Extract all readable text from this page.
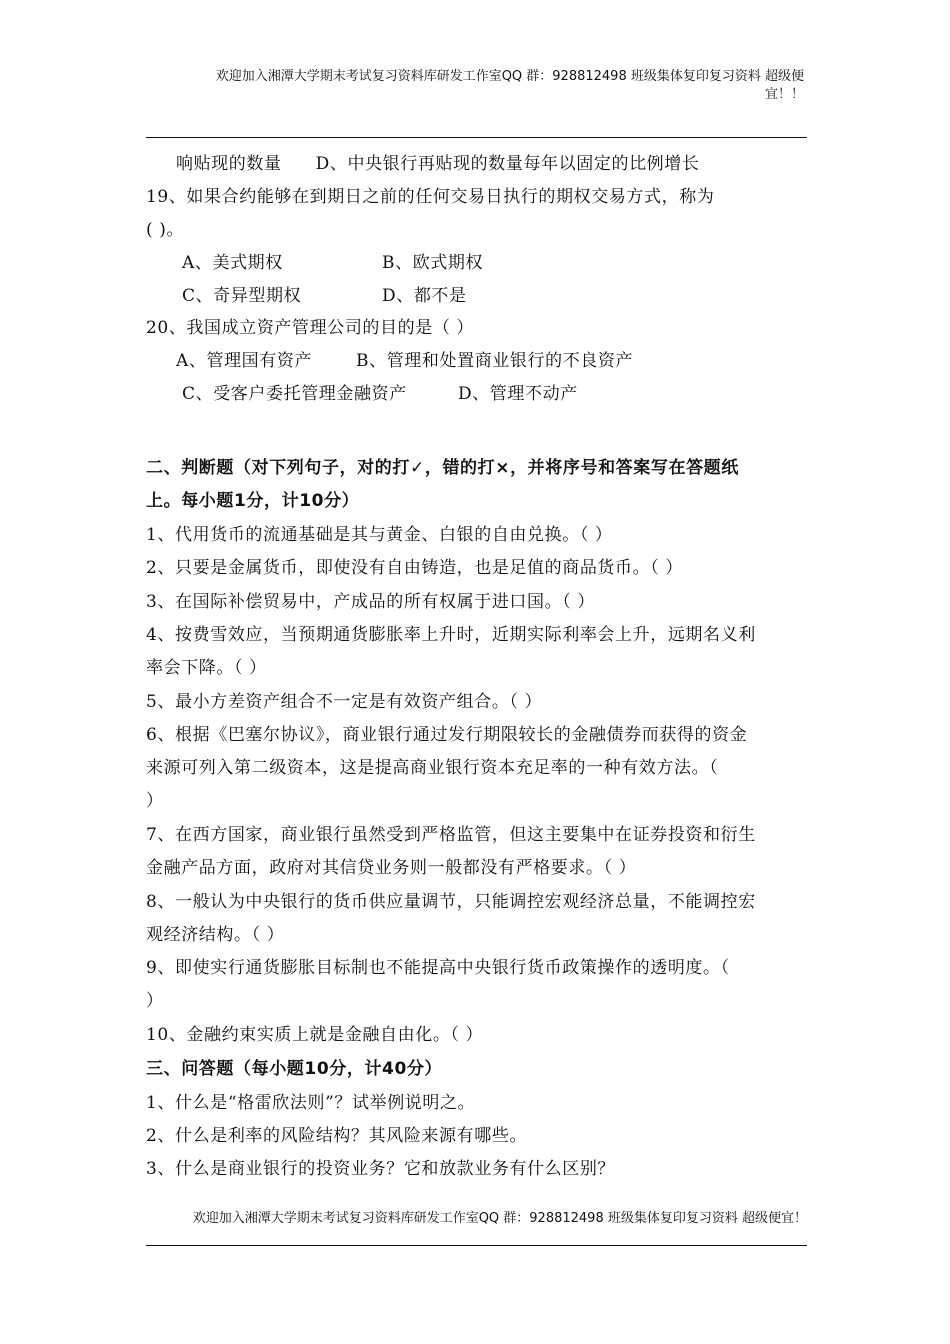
欢迎加入湘潭大学期末考试复习资料库研发工作室QQ 群：928812498 班级集体复印复习资料 超级便
宜！！
响贴现的数量 D、中央银行再贴现的数量每年以固定的比例增长
19、如果合约能够在到期日之前的任何交易日执行的期权交易方式，称为
( )。
A、美式期权	B、欧式期权
C、奇异型期权	D、都不是
20、我国成立资产管理公司的目的是（ ）
A、管理国有资产	B、管理和处置商业银行的不良资产
C、受客户委托管理金融资产	D、管理不动产
二、判断题（对下列句子，对的打✓，错的打×，并将序号和答案写在答题纸
上。每小题1分，计10分）
1、代用货币的流通基础是其与黄金、白银的自由兑换。（ ）
2、只要是金属货币，即使没有自由铸造，也是足值的商品货币。（ ）
3、在国际补偿贸易中，产成品的所有权属于进口国。（ ）
4、按费雪效应，当预期通货膨胀率上升时，近期实际利率会上升，远期名义利
率会下降。（ ）
5、最小方差资产组合不一定是有效资产组合。（ ）
6、根据《巴塞尔协议》，商业银行通过发行期限较长的金融债券而获得的资金
来源可列入第二级资本，这是提高商业银行资本充足率的一种有效方法。（
）
7、在西方国家，商业银行虽然受到严格监管，但这主要集中在证券投资和衍生
金融产品方面，政府对其信贷业务则一般都没有严格要求。（ ）
8、一般认为中央银行的货币供应量调节，只能调控宏观经济总量，不能调控宏
观经济结构。（ ）
9、即使实行通货膨胀目标制也不能提高中央银行货币政策操作的透明度。（
）
10、金融约束实质上就是金融自由化。（ ）
三、问答题（每小题10分，计40分）
1、什么是“格雷欣法则”？试举例说明之。
2、什么是利率的风险结构？其风险来源有哪些。
3、什么是商业银行的投资业务？它和放款业务有什么区别？
欢迎加入湘潭大学期末考试复习资料库研发工作室QQ 群：928812498 班级集体复印复习资料 超级便宜！
